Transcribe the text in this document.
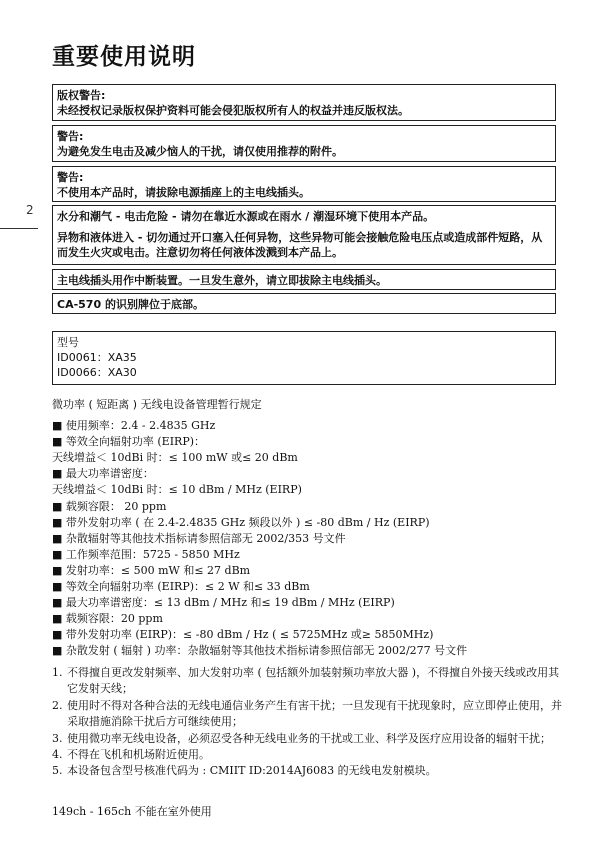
重要使用说明
2

版权警告:

未经授权记录版权保护资料可能会侵犯版权所有人的权益并违反版权法。

警告:

为避免发生电击及减少恼人的干扰，请仅使用推荐的附件。

警告:

不使用本产品时，请拔除电源插座上的主电线插头。

水分和潮气 - 电击危险 - 请勿在靠近水源或在雨水 / 潮湿环境下使用本产品。

异物和液体进入 - 切勿通过开口塞入任何异物，这些异物可能会接触危险电压点或造成部件短路，从而发生火灾或电击。注意切勿将任何液体泼溅到本产品上。

主电线插头用作中断装置。一旦发生意外，请立即拔除主电线插头。

CA-570 的识别牌位于底部。

型号
ID0061：XA35
ID0066：XA30

微功率 ( 短距离 ) 无线电设备管理暂行规定

■ 使用频率：2.4 - 2.4835 GHz

■ 等效全向辐射功率 (EIRP)：

天线增益＜ 10dBi 时：≤ 100 mW 或≤ 20 dBm

■ 最大功率谱密度：

天线增益＜ 10dBi 时：≤ 10 dBm / MHz (EIRP)

■ 载频容限： 20 ppm

■ 带外发射功率 ( 在 2.4-2.4835 GHz 频段以外 ) ≤ -80 dBm / Hz (EIRP)

■ 杂散辐射等其他技术指标请参照信部无 2002/353 号文件

■ 工作频率范围：5725 - 5850 MHz

■ 发射功率：≤ 500 mW 和≤ 27 dBm

■ 等效全向辐射功率 (EIRP)：≤ 2 W 和≤ 33 dBm

■ 最大功率谱密度：≤ 13 dBm / MHz 和≤ 19 dBm / MHz (EIRP)

■ 载频容限：20 ppm

■ 带外发射功率 (EIRP)：≤ -80 dBm / Hz ( ≤ 5725MHz 或≥ 5850MHz)

■ 杂散发射 ( 辐射 ) 功率：杂散辐射等其他技术指标请参照信部无 2002/277 号文件

1. 不得擅自更改发射频率、加大发射功率 ( 包括额外加装射频功率放大器 )，不得擅自外接天线或改用其它发射天线；
2. 使用时不得对各种合法的无线电通信业务产生有害干扰；一旦发现有干扰现象时，应立即停止使用，并采取措施消除干扰后方可继续使用；
3. 使用微功率无线电设备，必须忍受各种无线电业务的干扰或工业、科学及医疗应用设备的辐射干扰；
4. 不得在飞机和机场附近使用。
5. 本设备包含型号核准代码为 : CMIIT ID:2014AJ6083 的无线电发射模块。
149ch - 165ch 不能在室外使用
